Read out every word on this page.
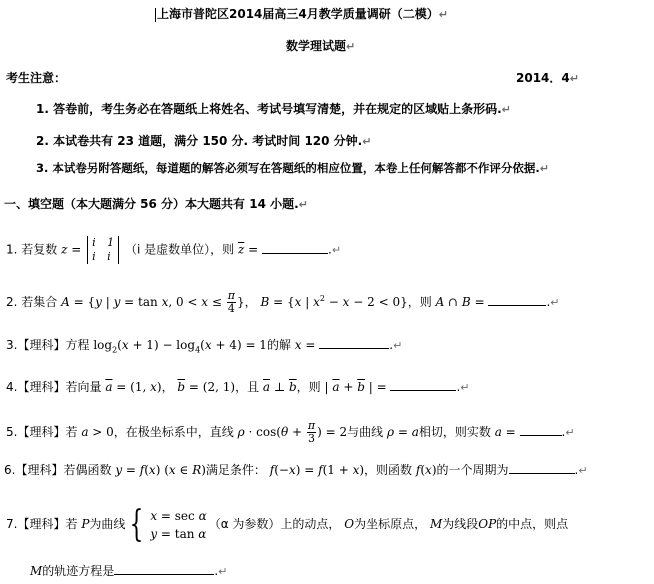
上海市普陀区2014届高三4月教学质量调研（二模）↵
数学理试题↵
考生注意：	2014．4↵
1. 答卷前，考生务必在答题纸上将姓名、考试号填写清楚，并在规定的区域贴上条形码.↵
2. 本试卷共有 23 道题，满分 150 分. 考试时间 120 分钟.↵
3. 本试卷另附答题纸，每道题的解答必须写在答题纸的相应位置，本卷上任何解答都不作评分依据.↵
一、填空题（本大题满分 56 分）本大题共有 14 小题.↵
1. 若复数 z = i 1
i i （i 是虚数单位），则 $\overline{z}$ =	.↵
2. 若集合 A = {y | y = tan x, $0 < x \le \frac{\pi}{4}$ }， B = {x | $x^2 - x - 2 < 0$}，则 A ∩ B =	.↵
3.【理科】方程 $\log_2(x + 1) - \log_4(x + 4) = 1$的解 x =	.↵
4.【理科】若向量 $\overline{a} = (1$, x)， $\overline{b} = (2$, 1)，且 $\overline{a}$ ⊥ $\overline{b}$，则 | $\overline{a} + \overline{b}$ | =	.↵
5.【理科】若 a > 0，在极坐标系中，直线 $\rho \cdot \cos(\theta + \frac{\pi}{3}$ ) = 2与曲线 ρ = a相切，则实数 a =	.↵
6.【理科】若偶函数 y = f(x) (x ∈ R)满足条件： f(−x) = f(1 + x)，则函数 f(x)的一个周期为	.↵
7.【理科】若 P为曲线 { x = sec α
y = tan α
（α 为参数）上的动点， O为坐标原点， M为线段OP的中点，则点
M的轨迹方程是	.↵
